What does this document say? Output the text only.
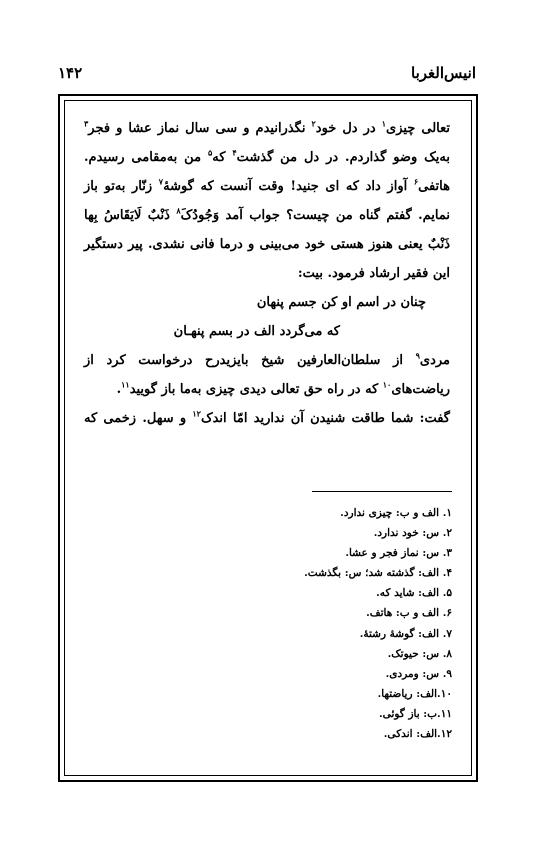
انیس‌الغربا
۱۴۲

تعالی چیزی$^۱$ در دل خود$^۲$ نگذرانیدم و سی سال نماز عشا و فجر$^۳$ به‌یک وضو گذاردم. در دل من گذشت$^۴$ که$^۵$ من به‌مقامی رسیدم. هاتفی$^۶$ آواز داد که ای جنید! وقت آنست که گوشهٔ$^۷$ زنّار به‌تو باز نمایم. گفتم گناه من چیست؟ جواب آمد وَجُودُکَ$^۸$ ذَنْبٌ لَایَقَاسُ بِها ذَنْبٌ یعنی هنوز هستی خود می‌بینی و درما فانی نشدی. پیر دستگیر این فقیر ارشاد فرمود. بیت:

چنان در اسم او کن جسم پنهان

که می‌گردد الف در بسم پنهـان

مردی$^۹$ از سلطان‌العارفین شیخ بایزیدرح درخواست کرد از ریاضت‌های$^{۱۰}$ که در راه حق تعالی دیدی چیزی به‌ما باز گویید$^{۱۱}$.

گفت: شما طاقت شنیدن آن ندارید امّا اندک$^{۱۲}$ و سهل. زخمی که

۱. الف و ب: چیزی ندارد.
۲. س: خود ندارد.
۳. س: نماز فجر و عشا.
۴. الف: گذشته شد؛ س: بگذشت.
۵. الف: شاید که.
۶. الف و ب: هاتف.
۷. الف: گوشهٔ رشتهٔ.
۸. س: حیوتک.
۹. س: ومردی.
۱۰.الف: ریاضتها.
۱۱.ب: باز گوئی.
۱۲.الف: اندکی.
